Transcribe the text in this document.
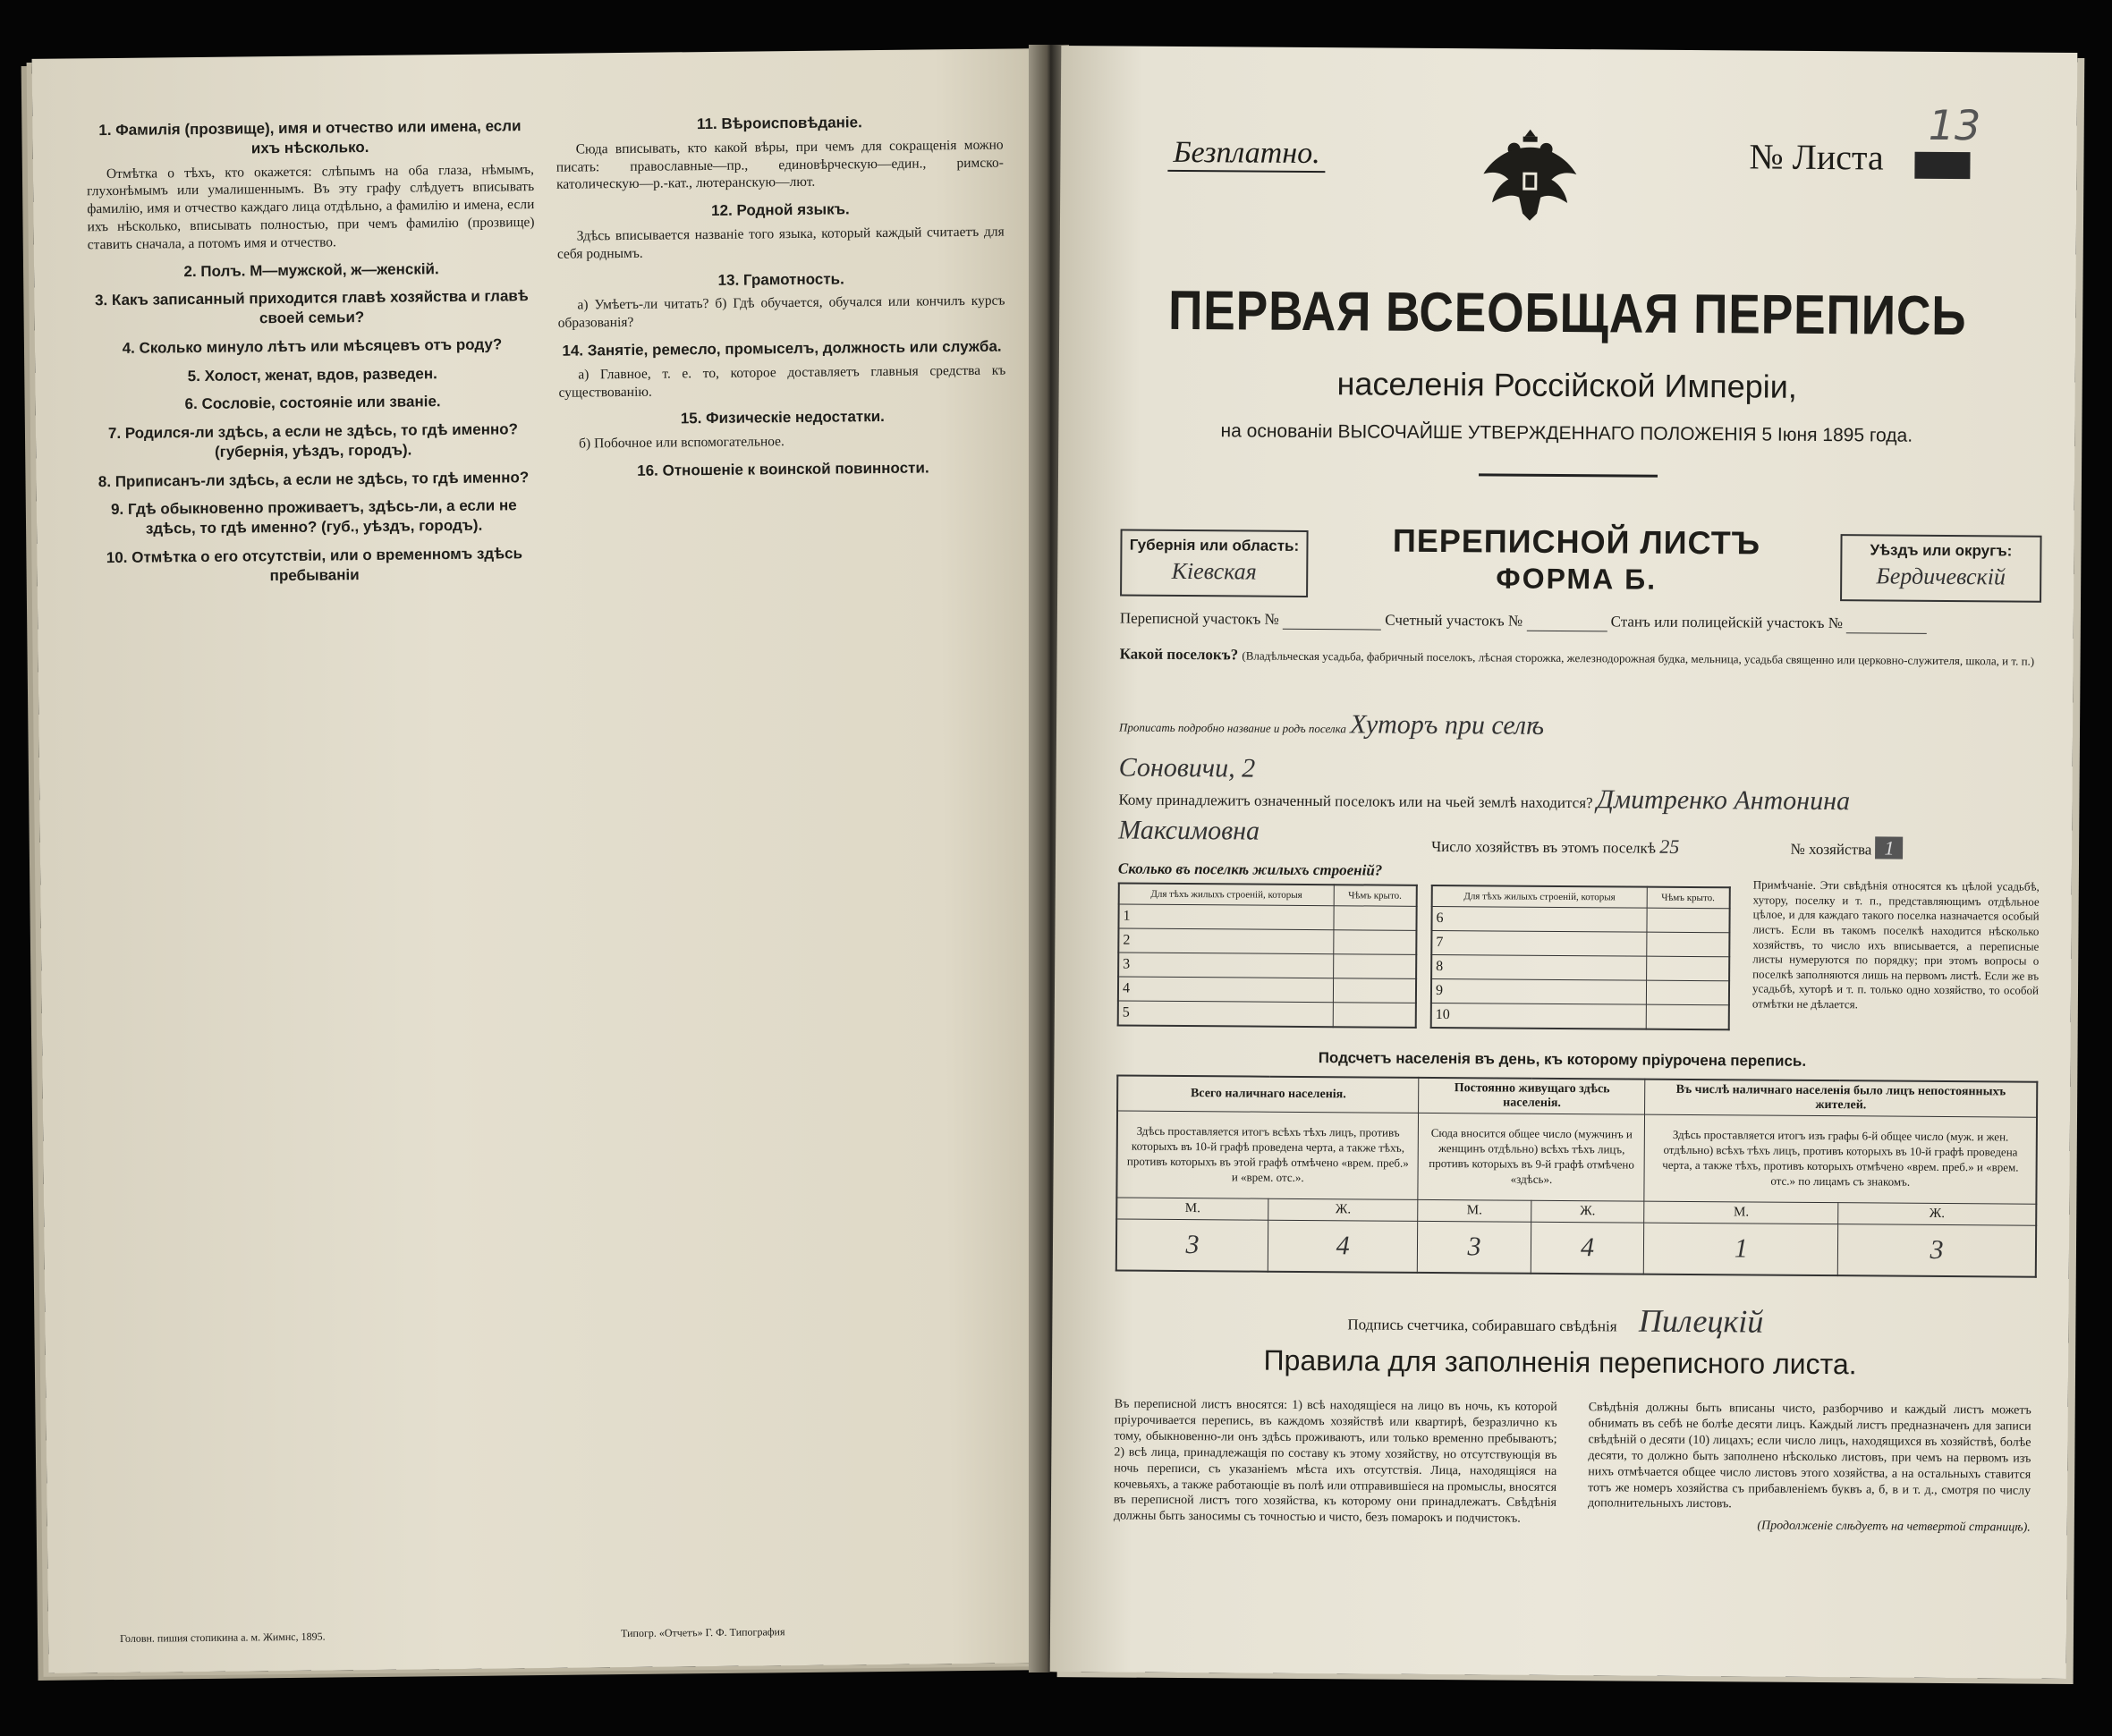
1. Фамилія (прозвище), имя и отчество или имена, если ихъ нѣсколько.

Отмѣтка о тѣхъ, кто окажется: слѣпымъ на оба глаза, нѣмымъ, глухонѣмымъ или умалишеннымъ. Въ эту графу слѣдуетъ вписывать фамилію, имя и отчество каждаго лица отдѣльно, а фамилію и имена, если ихъ нѣсколько, вписывать полностью, при чемъ фамилію (прозвище) ставить сначала, а потомъ имя и отчество.

2. Полъ. М—мужской, ж—женскій.
3. Какъ записанный приходится главѣ хозяйства и главѣ своей семьи?
4. Сколько минуло лѣтъ или мѣсяцевъ отъ роду?
5. Холост, женат, вдов, разведен.
6. Сословіе, состояніе или званіе.
7. Родился-ли здѣсь, а если не здѣсь, то гдѣ именно? (губернія, уѣздъ, городъ).
8. Приписанъ-ли здѣсь, а если не здѣсь, то гдѣ именно?
9. Гдѣ обыкновенно проживаетъ, здѣсь-ли, а если не здѣсь, то гдѣ именно? (губ., уѣздъ, городъ).
10. Отмѣтка о его отсутствіи, или о временномъ здѣсь пребываніи
11. Вѣроисповѣданіе.

Сюда вписывать, кто какой вѣры, при чемъ для сокращенія можно писать: православные—пр., единовѣрческую—един., римско-католическую—р.-кат., лютеранскую—лют.

12. Родной языкъ.

Здѣсь вписывается названіе того языка, который каждый считаетъ для себя роднымъ.

13. Грамотность.

а) Умѣетъ-ли читать? б) Гдѣ обучается, обучался или кончилъ курсъ образованія?

14. Занятіе, ремесло, промыселъ, должность или служба.

а) Главное, т. е. то, которое доставляетъ главныя средства къ существованію.

15. Физическіе недостатки.

б) Побочное или вспомогательное.

16. Отношеніе к воинской повинности.
Головн. пишия стопикина а. м. Жимнс, 1895.	Типогр. «Отчетъ» Г. Ф. Типография
Безплатно.	№ Листа
13
ПЕРВАЯ ВСЕОБЩАЯ ПЕРЕПИСЬ
населенія Россійской Имперіи,
на основаніи ВЫСОЧАЙШЕ УТВЕРЖДЕННАГО ПОЛОЖЕНІЯ 5 Іюня 1895 года.
Губернія или область:
Кіевская
ПЕРЕПИСНОЙ ЛИСТЪ
ФОРМА Б.
Уѣздъ или округъ:
Бердичевскій
Переписной участокъ №	Счетный участокъ №	Станъ или полицейскій участокъ №
Какой поселокъ? (Владѣльческая усадьба, фабричный поселокъ, лѣсная сторожка, железнодорожная будка, мельница, усадьба священно или церковно-служителя, школа, и т. п.)
Прописать подробно название и родъ поселка Хуторъ при селѣ
Соновичи, 2
Кому принадлежитъ означенный поселокъ или на чьей землѣ находится? Дмитренко Антонина
Максимовна
Число хозяйствъ въ этомъ поселкѣ 25	№ хозяйства 1
Сколько въ поселкѣ жилыхъ строеній?
Для тѣхъ жилыхъ строеній, которыя	Чѣмъ крыто.
1	
2	
3	
4	
5	
Для тѣхъ жилыхъ строеній, которыя	Чѣмъ крыто.
6	
7	
8	
9	
10	
Примѣчаніе. Эти свѣдѣнія относятся къ цѣлой усадьбѣ, хутору, поселку и т. п., представляющимъ отдѣльное цѣлое, и для каждаго такого поселка назначается особый листъ. Если въ такомъ поселкѣ находится нѣсколько хозяйствъ, то число ихъ вписывается, а переписные листы нумеруются по порядку; при этомъ вопросы о поселкѣ заполняются лишь на первомъ листѣ. Если же въ усадьбѣ, хуторѣ и т. п. только одно хозяйство, то особой отмѣтки не дѣлается.
Подсчетъ населенія въ день, къ которому пріурочена перепись.
Всего наличнаго населенія.		Постоянно живущаго здѣсь населенія.		Въ числѣ наличнаго населенія было лицъ непостоянныхъ жителей.	
Здѣсь проставляется итогъ всѣхъ тѣхъ лицъ, противъ которыхъ въ 10-й графѣ проведена черта, а также тѣхъ, противъ которыхъ въ этой графѣ отмѣчено «врем. преб.» и «врем. отс.».		Сюда вносится общее число (мужчинъ и женщинъ отдѣльно) всѣхъ тѣхъ лицъ, противъ которыхъ въ 9-й графѣ отмѣчено «здѣсь».		Здѣсь проставляется итогъ изъ графы 6-й общее число (муж. и жен. отдѣльно) всѣхъ тѣхъ лицъ, противъ которыхъ въ 10-й графѣ проведена черта, а также тѣхъ, противъ которыхъ отмѣчено «врем. преб.» и «врем. отс.» по лицамъ съ знакомъ.	
М.	Ж.	М.	Ж.	М.	Ж.
3	4	3	4	1	3
Подпись счетчика, собиравшаго свѣдѣнія Пилецкій
Правила для заполненія переписного листа.
Въ переписной листъ вносятся: 1) всѣ находящіеся на лицо въ ночь, къ которой пріурочивается перепись, въ каждомъ хозяйствѣ или квартирѣ, безразлично къ тому, обыкновенно-ли онъ здѣсь проживаютъ, или только временно пребываютъ; 2) всѣ лица, принадлежащія по составу къ этому хозяйству, но отсутствующія въ ночь переписи, съ указаніемъ мѣста ихъ отсутствія. Лица, находящіяся на кочевьяхъ, а также работающіе въ полѣ или отправившіеся на промыслы, вносятся въ переписной листъ того хозяйства, къ которому они принадлежатъ. Свѣдѣнія должны быть заносимы съ точностью и чисто, безъ помарокъ и подчистокъ.
Свѣдѣнія должны быть вписаны чисто, разборчиво и каждый листъ можетъ обнимать въ себѣ не болѣе десяти лицъ. Каждый листъ предназначенъ для записи свѣдѣній о десяти (10) лицахъ; если число лицъ, находящихся въ хозяйствѣ, болѣе десяти, то должно быть заполнено нѣсколько листовъ, при чемъ на первомъ изъ нихъ отмѣчается общее число листовъ этого хозяйства, а на остальныхъ ставится тотъ же номеръ хозяйства съ прибавленіемъ буквъ а, б, в и т. д., смотря по числу дополнительныхъ листовъ.
(Продолженіе слѣдуетъ на четвертой страницѣ).
